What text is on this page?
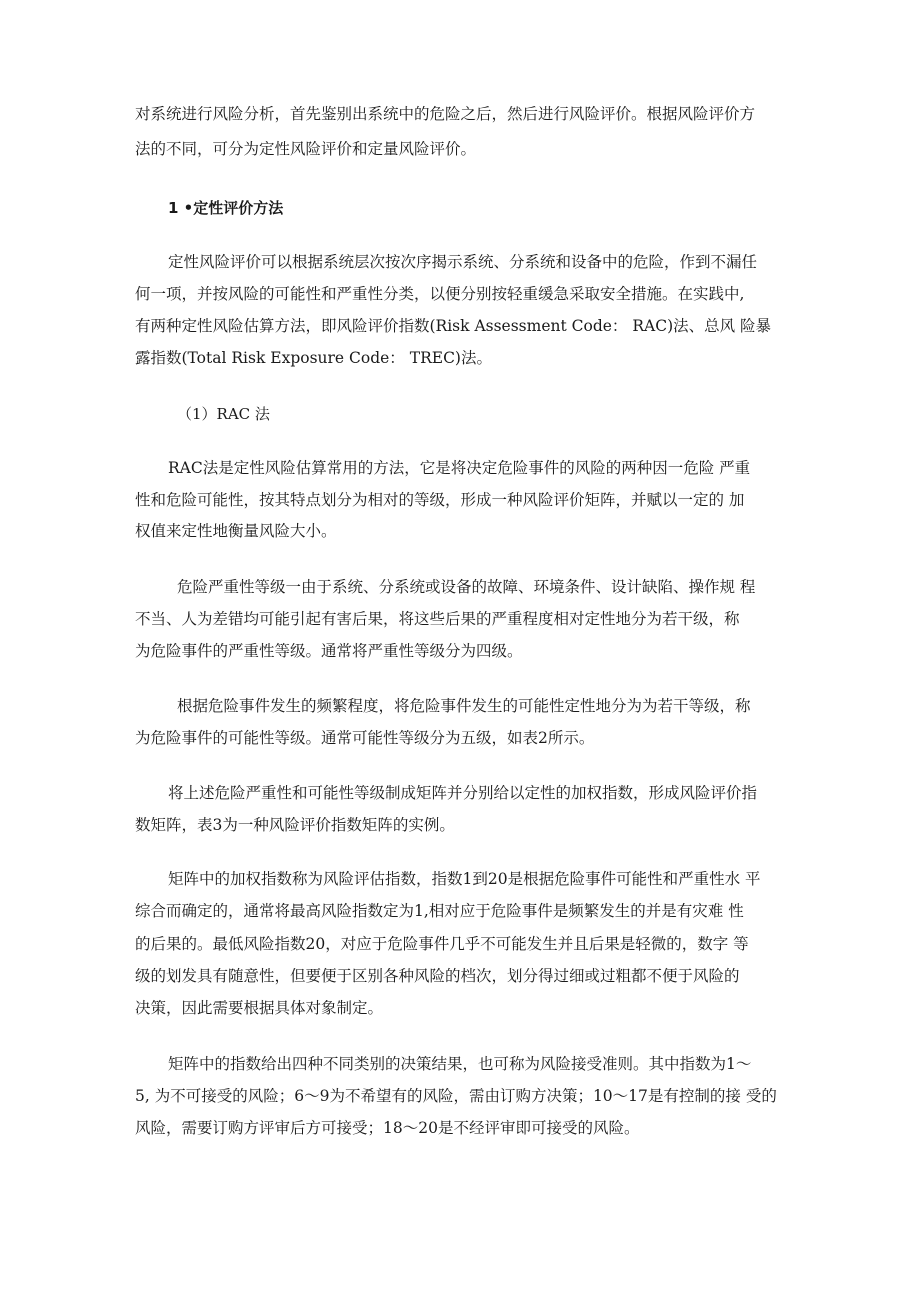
对系统进行风险分析，首先鉴别出系统中的危险之后，然后进行风险评价。根据风险评价方

法的不同，可分为定性风险评价和定量风险评价。

1 •定性评价方法

定性风险评价可以根据系统层次按次序揭示系统、分系统和设备中的危险，作到不漏任

何一项，并按风险的可能性和严重性分类，以便分别按轻重缓急采取安全措施。在实践中,

有两种定性风险估算方法，即风险评价指数(Risk Assessment Code： RAC)法、总风 险暴

露指数(Total Risk Exposure Code： TREC)法。

（1）RAC 法

RAC法是定性风险估算常用的方法，它是将决定危险事件的风险的两种因一危险 严重

性和危险可能性，按其特点划分为相对的等级，形成一种风险评价矩阵，并赋以一定的 加

权值来定性地衡量风险大小。

危险严重性等级一由于系统、分系统或设备的故障、环境条件、设计缺陷、操作规 程

不当、人为差错均可能引起有害后果，将这些后果的严重程度相对定性地分为若干级，称

为危险事件的严重性等级。通常将严重性等级分为四级。

根据危险事件发生的频繁程度，将危险事件发生的可能性定性地分为为若干等级，称

为危险事件的可能性等级。通常可能性等级分为五级，如表2所示。

将上述危险严重性和可能性等级制成矩阵并分别给以定性的加权指数，形成风险评价指

数矩阵，表3为一种风险评价指数矩阵的实例。

矩阵中的加权指数称为风险评估指数，指数1到20是根据危险事件可能性和严重性水 平

综合而确定的，通常将最高风险指数定为1,相对应于危险事件是频繁发生的并是有灾难 性

的后果的。最低风险指数20，对应于危险事件几乎不可能发生并且后果是轻微的，数字 等

级的划发具有随意性，但要便于区别各种风险的档次，划分得过细或过粗都不便于风险的

决策，因此需要根据具体对象制定。

矩阵中的指数给出四种不同类别的决策结果，也可称为风险接受准则。其中指数为1～

5, 为不可接受的风险；6～9为不希望有的风险，需由订购方决策；10～17是有控制的接 受的

风险，需要订购方评审后方可接受；18～20是不经评审即可接受的风险。
